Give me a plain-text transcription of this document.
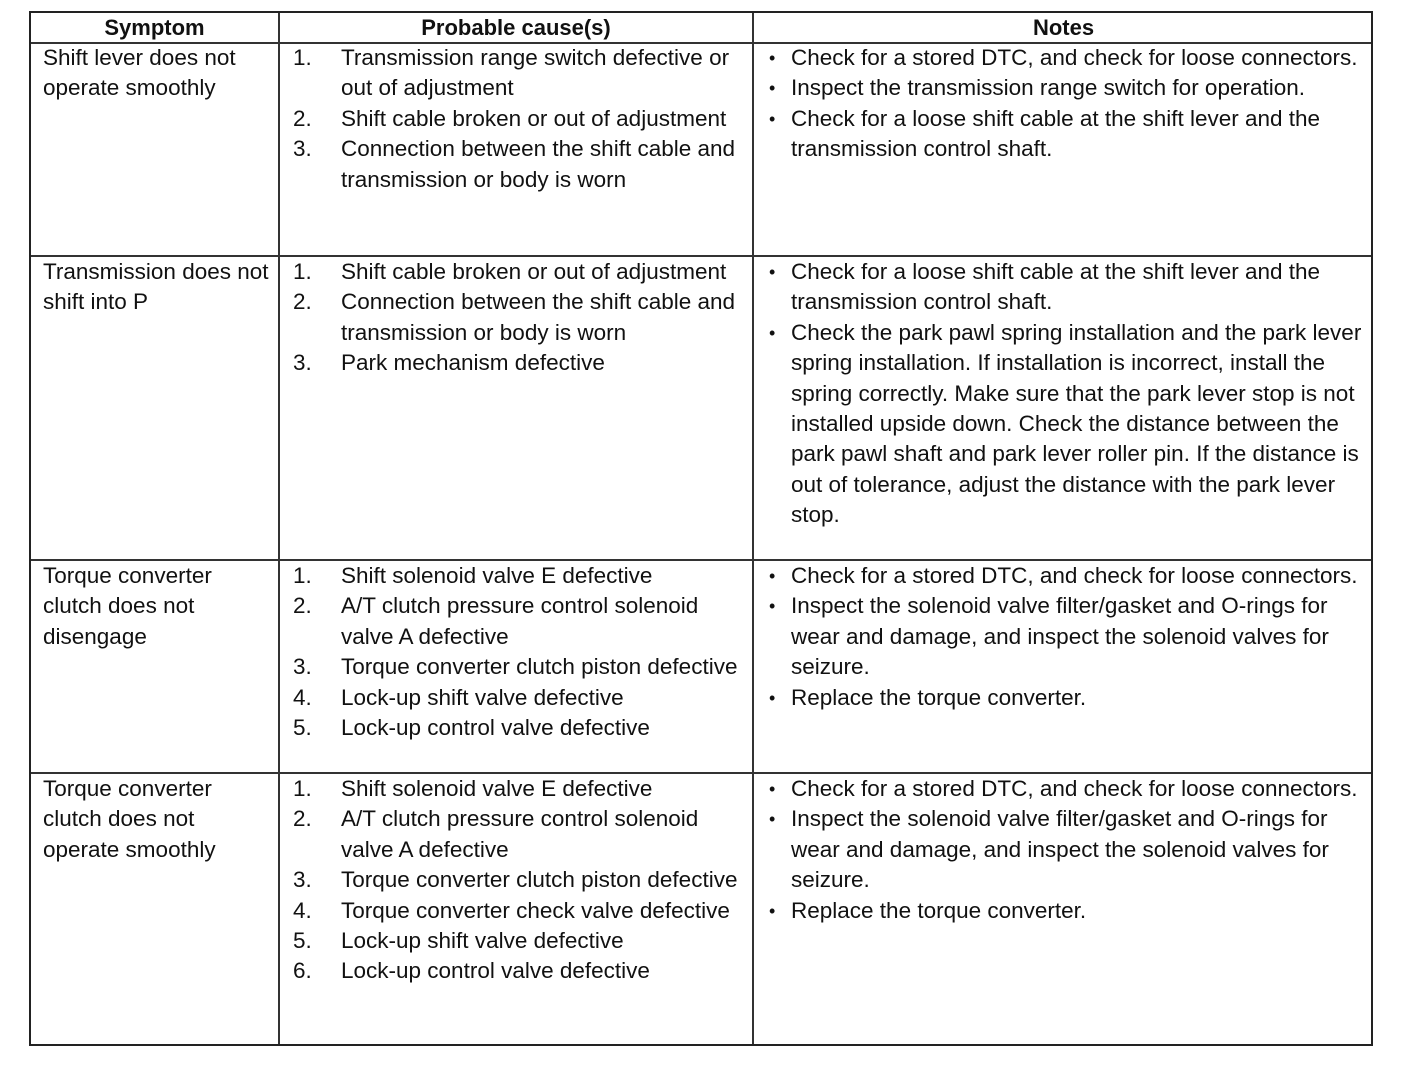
Symptom	Probable cause(s)	Notes
Shift lever does not operate smoothly
1.	Transmission range switch defective or out of adjustment
2.	Shift cable broken or out of adjustment
3.	Connection between the shift cable and transmission or body is worn
• Check for a stored DTC, and check for loose connectors.
• Inspect the transmission range switch for operation.
• Check for a loose shift cable at the shift lever and the transmission control shaft.
Transmission does not shift into P
1.	Shift cable broken or out of adjustment
2.	Connection between the shift cable and transmission or body is worn
3.	Park mechanism defective
• Check for a loose shift cable at the shift lever and the transmission control shaft.
• Check the park pawl spring installation and the park lever spring installation. If installation is incorrect, install the spring correctly. Make sure that the park lever stop is not installed upside down. Check the distance between the park pawl shaft and park lever roller pin. If the distance is out of tolerance, adjust the distance with the park lever stop.
Torque converter clutch does not disengage
1.	Shift solenoid valve E defective
2.	A/T clutch pressure control solenoid valve A defective
3.	Torque converter clutch piston defective
4.	Lock-up shift valve defective
5.	Lock-up control valve defective
• Check for a stored DTC, and check for loose connectors.
• Inspect the solenoid valve filter/gasket and O-rings for wear and damage, and inspect the solenoid valves for seizure.
• Replace the torque converter.
Torque converter clutch does not operate smoothly
1.	Shift solenoid valve E defective
2.	A/T clutch pressure control solenoid valve A defective
3.	Torque converter clutch piston defective
4.	Torque converter check valve defective
5.	Lock-up shift valve defective
6.	Lock-up control valve defective
• Check for a stored DTC, and check for loose connectors.
• Inspect the solenoid valve filter/gasket and O-rings for wear and damage, and inspect the solenoid valves for seizure.
• Replace the torque converter.
